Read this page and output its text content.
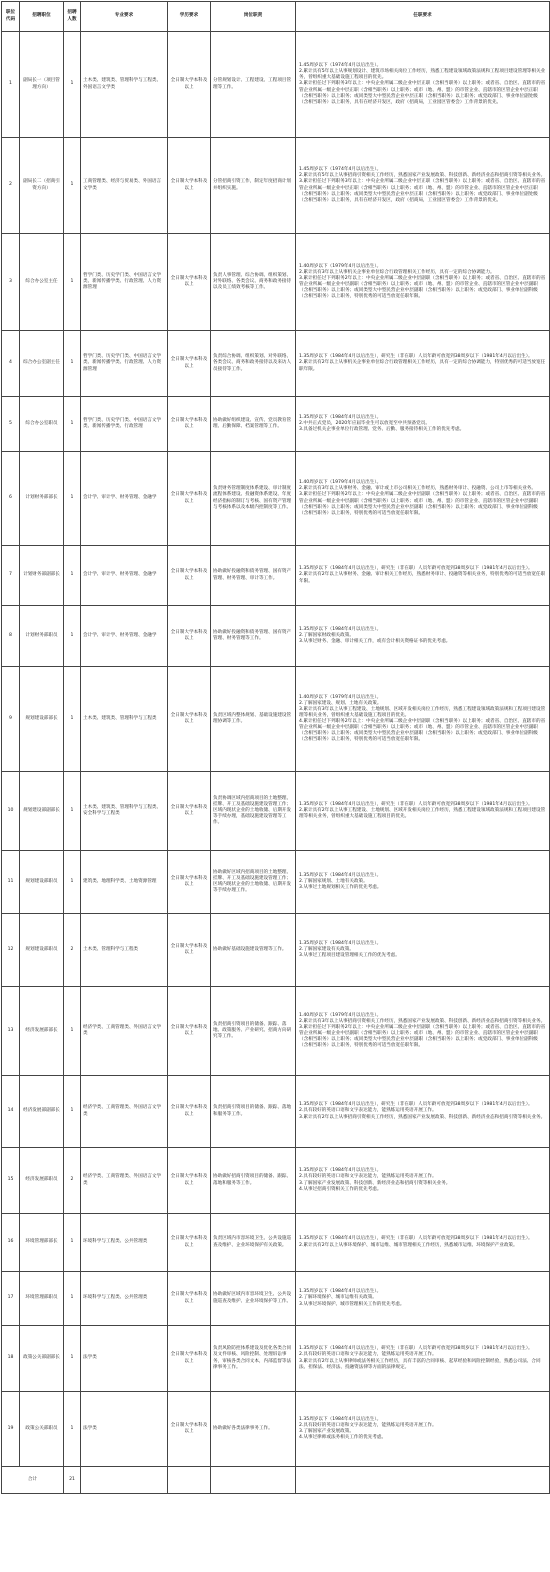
职位代码	招聘职位	招聘人数	专业要求	学历要求	岗位职责	任职要求
1	副局长一（项目管理方向）	1	土木类、建筑类、管理科学与工程类、外国语言文学类	全日制大学本科及以上	分管规划设计、工程建设、工程项目管理等工作。	1.45周岁以下（1974年4月以后出生）。
2.累计具有5年以上从事规划设计、建筑市场相关岗位工作经历，熟悉工程建设领域政策法规和工程项目建设管理等相关业务，曾组织重大基础设施工程项目的优先。
3.累计担任过下列职务3年以上：中央企业所属二级企业中层正职（含相当职务）以上职务；或者省、自治区、直辖市的省管企业所属一级企业中层正职（含相当职务）以上职务；或市（地、州、盟）的市管企业、直辖市的区管企业中层正职（含相当职务）以上职务；或同类型大中型民营企业中层正职（含相当职务）以上职务；或党政部门、事业单位副处级（含相当职务）以上职务，具有在经济开发区，政府（招商局，工业园区管委会）工作背景的优先。

2	副局长二（招商引资方向）	1	工商管理类、经济与贸易类、外国语言文学类	全日制大学本科及以上	分管招商引资工作，制定年度招商计划并组织实施。	1.45周岁以下（1974年4月以后出生）。
2.累计具有5年以上从事招商引资相关工作经历，熟悉国家产业发展政策、科技创新、新经济业态和招商引资等相关业务。
3.累计担任过下列职务3年以上：中央企业所属二级企业中层正职（含相当职务）以上职务；或者省、自治区、直辖市的省管企业所属一级企业中层正职（含相当职务）以上职务；或市（地、州、盟）的市管企业、直辖市的区管企业中层正职（含相当职务）以上职务；或同类型大中型民营企业中层正职（含相当职务）以上职务；或党政部门、事业单位副处级（含相当职务）以上职务，具有在经济开发区，政府（招商局，工业园区管委会）工作背景的优先。

3	综合办公室主任	1	哲学门类、历史学门类、中国语言文学类、新闻传播学类、行政管理、人力资源管理	全日制大学本科及以上	负责人事管理、综合协调、组织策划、对外联络、各类会议、商务和政务接待以及员工绩效考核等工作。	1.40周岁以下（1979年4月以后出生）。
2.累计具有3年以上从事机关企事业单位综合行政管理相关工作经历，具有一定的综合协调能力。
3.累计担任过下列职务2年以上：中央企业所属二级企业中层副职（含相当职务）以上职务；或者省、自治区、直辖市的省管企业所属一级企业中层副职（含相当职务）以上职务；或市（地、州、盟）的市管企业、直辖市的区管企业中层副职（含相当职务）以上职务；或同类型大中型民营企业中层副职（含相当职务）以上职务；或党政部门、事业单位副科级（含相当职务）以上职务，特别优秀的可适当放宽任职年限。

4	综合办公室副主任	1	哲学门类、历史学门类、中国语言文学类、新闻传播学类、行政管理、人力资源管理	全日制大学本科及以上	负责综合协调、组织策划、对外联络、各类会议、商务和政务接待以及来访人员接待等工作。	1.35周岁以下（1984年4月以后出生），研究生（非在职）人员年龄可放宽到38周岁以下（1981年4月以后出生）。
2.累计具有2年以上从事机关企事业单位综合行政管理相关工作经历，具有一定的综合协调能力，特别优秀的可适当放宽任职年限。

5	综合办公室职员	1	哲学门类、历史学门类、中国语言文学类、新闻传播学类、行政管理	全日制大学本科及以上	协助做好组织建设、宣传、党员教育管理、后勤保障、档案管理等工作。	1.35周岁以下（1984年4月以后出生）。
2.中共正式党员，2020年应届毕业生可以放宽至中共预备党员。
3.具备过机关企事业单位行政管理、党务、后勤、服务接待相关工作的优先考虑。

6	计划财务部部长	1	会计学、审计学、财务管理、金融学	全日制大学本科及以上	负责财务管理制度体系建设、审计制度流程体系建设、投融资体系建设、年度经济指标的制订与考核、国有资产管理与考核体系以及本级内控制度等工作。	1.40周岁以下（1979年4月以后出生）。
2.累计具有3年以上从事财务、金融、审计或上市公司相关工作经历，熟悉财务审计、投融资、公司上市等相关业务。
3.累计担任过下列职务2年以上：中央企业所属二级企业中层副职（含相当职务）以上职务；或者省、自治区、直辖市的省管企业所属一级企业中层副职（含相当职务）以上职务；或市（地、州、盟）的市管企业、直辖市的区管企业中层副职（含相当职务）以上职务；或同类型大中型民营企业中层副职（含相当职务）以上职务；或党政部门、事业单位副科级（含相当职务）以上职务，特别优秀的可适当放宽任职年限。

7	计划财务部副部长	1	会计学、审计学、财务管理、金融学	全日制大学本科及以上	协助做好投融资和债务管理、国有资产管理、财务管理、审计等工作。	1.35周岁以下（1984年4月以后出生），研究生（非在职）人员年龄可放宽到38周岁以下（1981年4月以后出生）。
2.累计具有2年以上从事财务、金融、审计相关工作经历，熟悉财务审计、投融资等相关业务，特别优秀的可适当放宽任职年限。

8	计划财务部职员	1	会计学、审计学、财务管理、金融学	全日制大学本科及以上	协助做好投融资和债务管理、国有资产管理、财务管理等工作。	1.35周岁以下（1984年4月以后出生）。
2.了解国家财政相关政策。
3.从事过财务、金融、审计相关工作，或有会计相关资格证书的优先考虑。

9	规划建设部部长	1	土木类、建筑类、管理科学与工程类	全日制大学本科及以上	负责区域内整体规划、基础设施建设管理协调等工作。	1.40周岁以下（1979年4月以后出生）。
2.了解国家建设、规划、土地有关政策。
3.累计具有3年以上从事工程建设、土地规划、区域开发相关岗位工作经历，熟悉工程建设领域政策法规和工程项目建设管理等相关业务，曾组织重大基础设施工程项目的优先。
4.累计担任过下列职务2年以上：中央企业所属二级企业中层副职（含相当职务）以上职务；或者省、自治区、直辖市的省管企业所属一级企业中层副职（含相当职务）以上职务；或市（地、州、盟）的市管企业、直辖市的区管企业中层副职（含相当职务）以上职务；或同类型大中型民营企业中层副职（含相当职务）以上职务；或党政部门、事业单位副科级（含相当职务）以上职务，特别优秀的可适当放宽任职年限。

10	规划建设部副部长	1	土木类、建筑类、管理科学与工程类、安全科学与工程类	全日制大学本科及以上	负责协调区域内招商项目的土地整理、挂牌、开工及基础设施建设管理工作；区域内现状企业的土地收储、后期开发等手续办理，基础设施建设管理等工作。	1.35周岁以下（1984年4月以后出生），研究生（非在职）人员年龄可放宽到38周岁以下（1981年4月以后出生）。
2.累计具有2年以上从事工程建设、土地规划、区域开发相关岗位工作经历，熟悉工程建设领域政策法规和工程项目建设管理等相关业务，曾组织重大基础设施工程项目的优先。

11	规划建设部职员	1	建筑类、地理科学类、土地资源管理	全日制大学本科及以上	协助做好区域内招商项目的土地整理、挂牌、开工及基础设施建设管理工作；区域内现状企业的土地收储、后期开发等手续办理工作。	1.35周岁以下（1984年4月以后出生）。
2.了解国家规划、土地有关政策。
3.从事过土地规划相关工作的优先考虑。

12	规划建设部职员	2	土木类、管理科学与工程类	全日制大学本科及以上	协助做好基础设施建设管理等工作。	1.35周岁以下（1984年4月以后出生）。
2.了解国家建设有关政策。
3.从事过工程项目建设管理相关工作的优先考虑。

13	经济发展部部长	1	经济学类、工商管理类、外国语言文学类	全日制大学本科及以上	负责招商引资项目的储备、跟踪、落地、政策服务、产业研究、招商方向研究等工作。	1.40周岁以下（1979年4月以后出生）。
2.累计具有3年以上从事招商引资相关工作经历，熟悉国家产业发展政策、科技创新、新经济业态和招商引资等相关业务。
3.累计担任过下列职务2年以上：中央企业所属二级企业中层副职（含相当职务）以上职务；或者省、自治区、直辖市的省管企业所属一级企业中层副职（含相当职务）以上职务；或市（地、州、盟）的市管企业、直辖市的区管企业中层副职（含相当职务）以上职务；或同类型大中型民营企业中层副职（含相当职务）以上职务；或党政部门、事业单位副科级（含相当职务）以上职务，特别优秀的可适当放宽任职年限。

14	经济发展部副部长	1	经济学类、工商管理类、外国语言文学类	全日制大学本科及以上	负责招商引资项目的储备、跟踪、落地和服务等工作。	1.35周岁以下（1984年4月以后出生），研究生（非在职）人员年龄可放宽到38周岁以下（1981年4月以后出生）。
2.具有较好的英语口语和文字表达能力，能熟练运用英语开展工作。
3.累计具有2年以上从事招商引资相关工作经历，熟悉国家产业发展政策、科技创新、新经济业态和招商引资等相关业务。

15	经济发展部职员	2	经济学类、工商管理类、外国语言文学类	全日制大学本科及以上	协助做好招商引资项目的储备、跟踪、落地和服务等工作。	1.35周岁以下（1984年4月以后出生）。
2.具有较好的英语口语和文字表达能力，能熟练运用英语开展工作。
3.了解国家产业发展政策、科技创新、新经济业态和招商引资等相关业务。
4.从事过招商引资相关工作的优先考虑。

16	环境管理部部长	1	环境科学与工程类、公共管理类	全日制大学本科及以上	负责区域内市容环境卫生、公共设施巡查及维护、企业环境保护有关政策。	1.35周岁以下（1984年4月以后出生），研究生（非在职）人员年龄可放宽到38周岁以下（1981年4月以后出生）。
2.累计具有2年以上从事环境保护、城市运维、城市管理相关工作经历，熟悉城市运维、环境保护产业政策。

17	环境管理部职员	1	环境科学与工程类、公共管理类	全日制大学本科及以上	协助做好区域内市容环境卫生、公共设施巡查及维护、企业环境保护等工作。	1.35周岁以下（1984年4月以后出生）。
2.了解环境保护、城市运维有关政策。
3.从事过环境保护、城市管理相关工作的优先考虑。

18	政策公关部副部长	1	法学类	全日制大学本科及以上	负责风险防控体系建设及优化各类合同及文件审核、风险控制、处理诉讼事务，审核各类合同文本，内部监督等法律事务工作。	1.35周岁以下（1984年4月以后出生），研究生（非在职）人员年龄可放宽到38周岁以下（1981年4月以后出生）。
2.具有较好的英语口语和文字表达能力，能熟练运用英语开展工作。
3.累计具有2年以上从事律师或法务相关工作经历，具有丰富的合同审核、起草经验和风险控制经验，熟悉公司法、合同法、担保法、经济法、投融资法律等方面的法律规定。

19	政策公关部职员	1	法学类	全日制大学本科及以上	协助做好各类法律事务工作。	1.35周岁以下（1984年4月以后出生）。
2.具有较好的英语口语和文字表达能力，能熟练运用英语开展工作。
3.了解国家产业发展政策。
4.从事过律师或法务相关工作的优先考虑。

合计		21				
